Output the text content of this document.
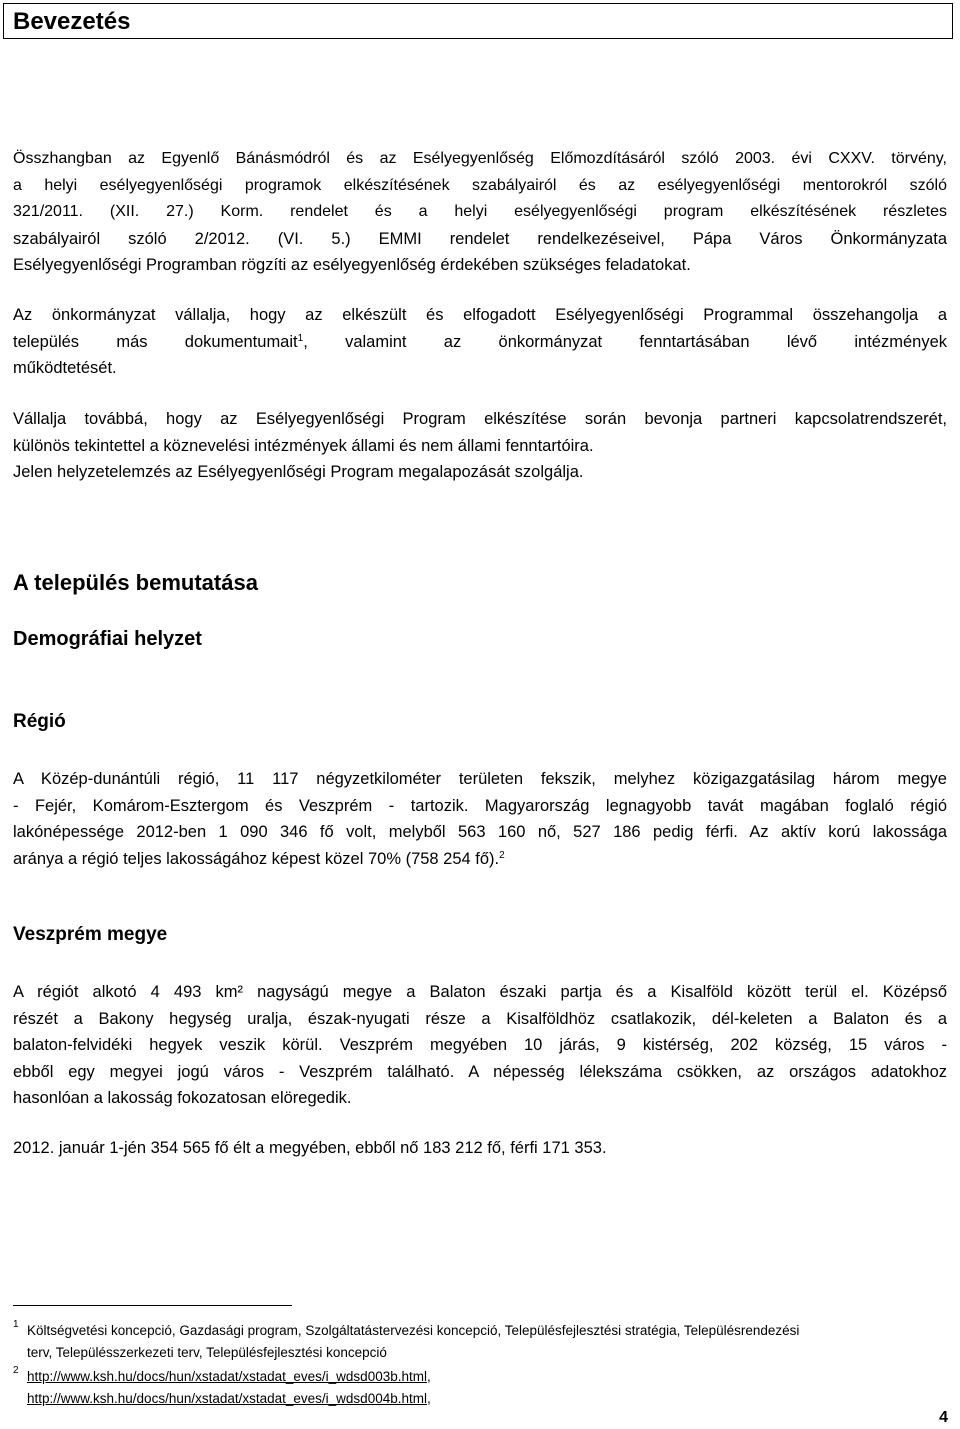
Bevezetés
Összhangban az Egyenlő Bánásmódról és az Esélyegyenlőség Előmozdításáról szóló 2003. évi CXXV. törvény,
a helyi esélyegyenlőségi programok elkészítésének szabályairól és az esélyegyenlőségi mentorokról szóló
321/2011. (XII. 27.) Korm. rendelet és a helyi esélyegyenlőségi program elkészítésének részletes
szabályairól szóló 2/2012. (VI. 5.) EMMI rendelet rendelkezéseivel, Pápa Város Önkormányzata
Esélyegyenlőségi Programban rögzíti az esélyegyenlőség érdekében szükséges feladatokat.
Az önkormányzat vállalja, hogy az elkészült és elfogadott Esélyegyenlőségi Programmal összehangolja a
település más dokumentumait$^1$, valamint az önkormányzat fenntartásában lévő intézmények
működtetését.
Vállalja továbbá, hogy az Esélyegyenlőségi Program elkészítése során bevonja partneri kapcsolatrendszerét,
különös tekintettel a köznevelési intézmények állami és nem állami fenntartóira.
Jelen helyzetelemzés az Esélyegyenlőségi Program megalapozását szolgálja.
A település bemutatása
Demográfiai helyzet
Régió
A Közép-dunántúli régió, 11 117 négyzetkilométer területen fekszik, melyhez közigazgatásilag három megye
- Fejér, Komárom-Esztergom és Veszprém - tartozik. Magyarország legnagyobb tavát magában foglaló régió
lakónépessége 2012-ben 1 090 346 fő volt, melyből 563 160 nő, 527 186 pedig férfi. Az aktív korú lakossága
aránya a régió teljes lakosságához képest közel 70% (758 254 fő).$^2$
Veszprém megye
A régiót alkotó 4 493 km² nagyságú megye a Balaton északi partja és a Kisalföld között terül el. Középső
részét a Bakony hegység uralja, észak-nyugati része a Kisalföldhöz csatlakozik, dél-keleten a Balaton és a
balaton-felvidéki hegyek veszik körül. Veszprém megyében 10 járás, 9 kistérség, 202 község, 15 város -
ebből egy megyei jogú város - Veszprém található. A népesség lélekszáma csökken, az országos adatokhoz
hasonlóan a lakosság fokozatosan elöregedik.
2012. január 1-jén 354 565 fő élt a megyében, ebből nő 183 212 fő, férfi 171 353.
1 Költségvetési koncepció, Gazdasági program, Szolgáltatástervezési koncepció, Településfejlesztési stratégia, Településrendezési
terv, Településszerkezeti terv, Településfejlesztési koncepció
2 http://www.ksh.hu/docs/hun/xstadat/xstadat_eves/i_wdsd003b.html,
http://www.ksh.hu/docs/hun/xstadat/xstadat_eves/i_wdsd004b.html,
4
